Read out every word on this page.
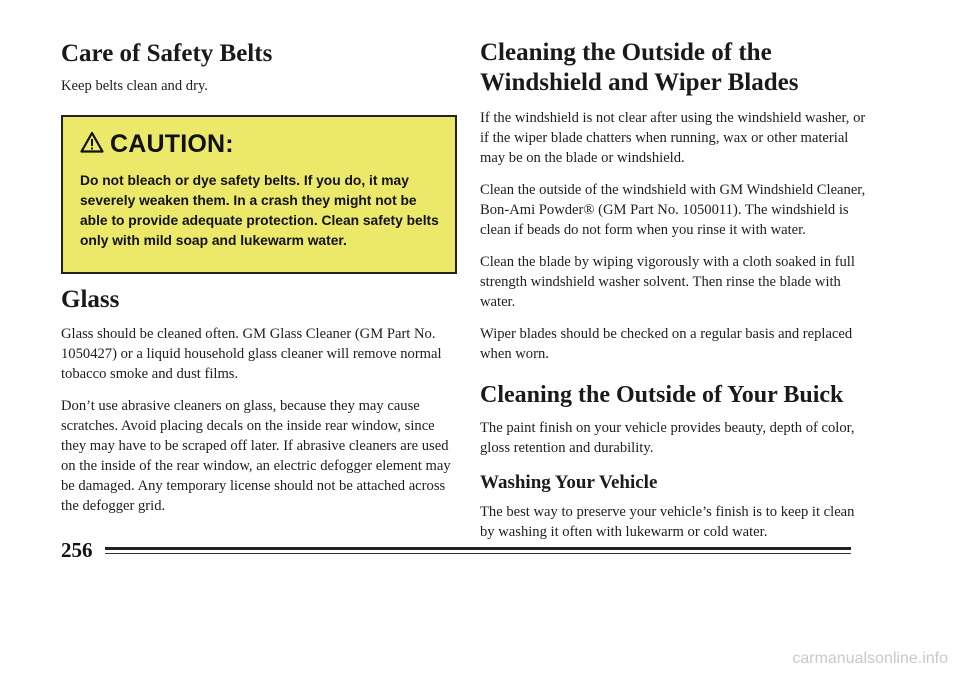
Care of Safety Belts

Keep belts clean and dry.

CAUTION:
Do not bleach or dye safety belts. If you do, it may severely weaken them. In a crash they might not be able to provide adequate protection. Clean safety belts only with mild soap and lukewarm water.
Glass

Glass should be cleaned often. GM Glass Cleaner (GM Part No. 1050427) or a liquid household glass cleaner will remove normal tobacco smoke and dust films.

Don’t use abrasive cleaners on glass, because they may cause scratches. Avoid placing decals on the inside rear window, since they may have to be scraped off later. If abrasive cleaners are used on the inside of the rear window, an electric defogger element may be damaged. Any temporary license should not be attached across the defogger grid.

Cleaning the Outside of the Windshield and Wiper Blades

If the windshield is not clear after using the windshield washer, or if the wiper blade chatters when running, wax or other material may be on the blade or windshield.

Clean the outside of the windshield with GM Windshield Cleaner, Bon-Ami Powder® (GM Part No. 1050011). The windshield is clean if beads do not form when you rinse it with water.

Clean the blade by wiping vigorously with a cloth soaked in full strength windshield washer solvent. Then rinse the blade with water.

Wiper blades should be checked on a regular basis and replaced when worn.

Cleaning the Outside of Your Buick

The paint finish on your vehicle provides beauty, depth of color, gloss retention and durability.

Washing Your Vehicle

The best way to preserve your vehicle’s finish is to keep it clean by washing it often with lukewarm or cold water.

256
carmanualsonline.info
